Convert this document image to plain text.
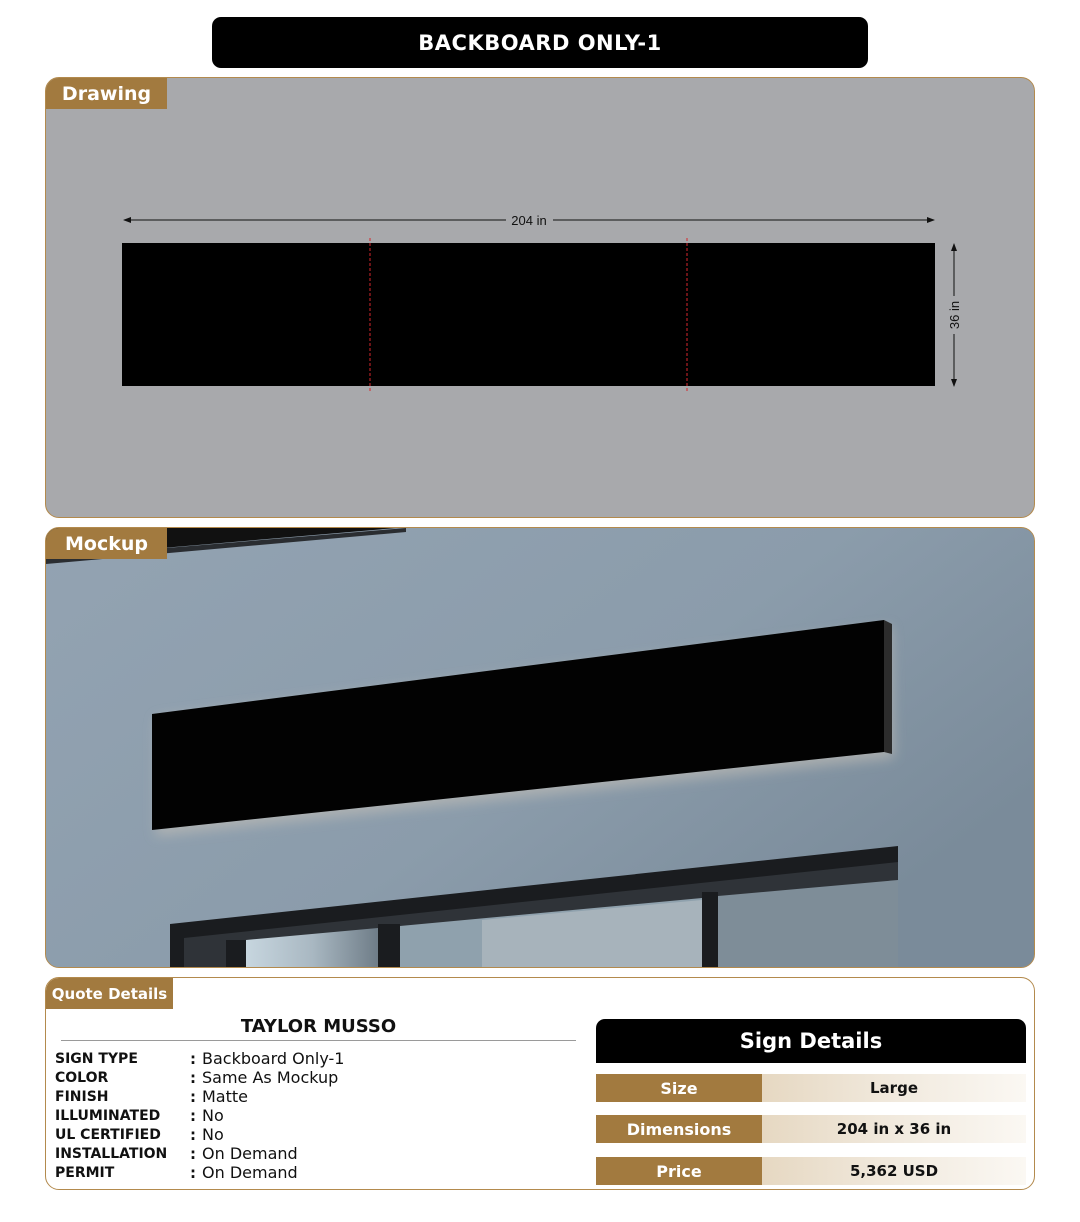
BACKBOARD ONLY-1
Drawing
204 in
36 in
Mockup
Quote Details
TAYLOR MUSSO
SIGN TYPE	: Backboard Only-1
COLOR	: Same As Mockup
FINISH	: Matte
ILLUMINATED	: No
UL CERTIFIED	: No
INSTALLATION	: On Demand
PERMIT	: On Demand
Sign Details
Size	Large
Dimensions	204 in x 36 in
Price	5,362 USD
